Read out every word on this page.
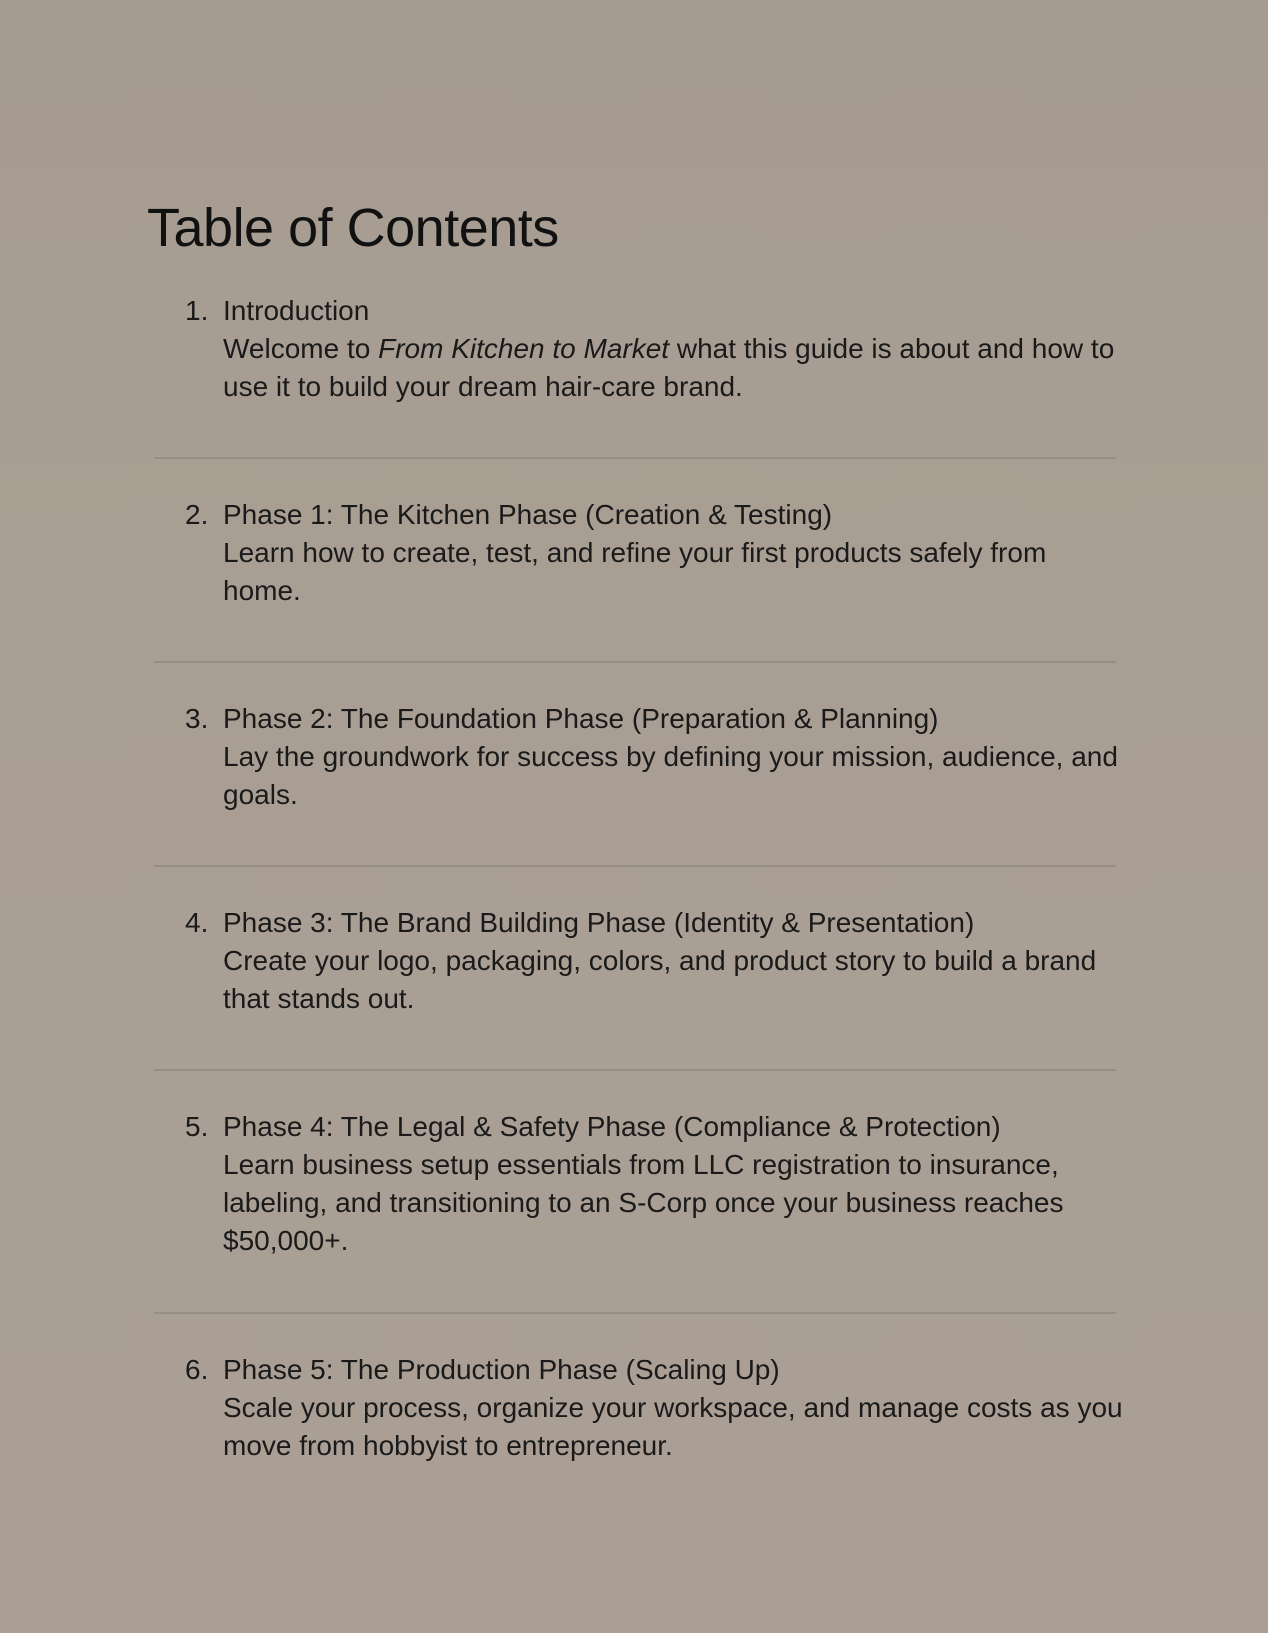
Table of Contents
1. Introduction
Welcome to From Kitchen to Market what this guide is about and how to use it to build your dream hair-care brand.
2. Phase 1: The Kitchen Phase (Creation & Testing)
Learn how to create, test, and refine your first products safely from home.
3. Phase 2: The Foundation Phase (Preparation & Planning)
Lay the groundwork for success by defining your mission, audience, and goals.
4. Phase 3: The Brand Building Phase (Identity & Presentation)
Create your logo, packaging, colors, and product story to build a brand that stands out.
5. Phase 4: The Legal & Safety Phase (Compliance & Protection)
Learn business setup essentials from LLC registration to insurance, labeling, and transitioning to an S-Corp once your business reaches $50,000+.
6. Phase 5: The Production Phase (Scaling Up)
Scale your process, organize your workspace, and manage costs as you move from hobbyist to entrepreneur.
